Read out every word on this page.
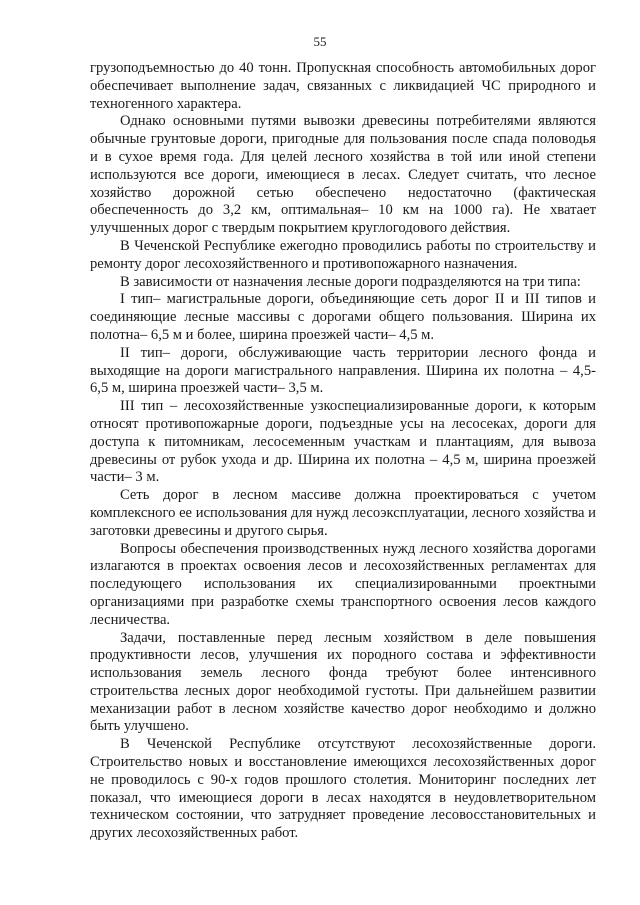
55

грузоподъемностью до 40 тонн. Пропускная способность автомобильных дорог обеспечивает выполнение задач, связанных с ликвидацией ЧС природного и техногенного характера.

Однако основными путями вывозки древесины потребителями являются обычные грунтовые дороги, пригодные для пользования после спада половодья и в сухое время года. Для целей лесного хозяйства в той или иной степени используются все дороги, имеющиеся в лесах. Следует считать, что лесное хозяйство дорожной сетью обеспечено недостаточно (фактическая обеспеченность до 3,2 км, оптимальная– 10 км на 1000 га). Не хватает улучшенных дорог с твердым покрытием круглогодового действия.

В Чеченской Республике ежегодно проводились работы по строительству и ремонту дорог лесохозяйственного и противопожарного назначения.

В зависимости от назначения лесные дороги подразделяются на три типа:

I тип– магистральные дороги, объединяющие сеть дорог II и III типов и соединяющие лесные массивы с дорогами общего пользования. Ширина их полотна– 6,5 м и более, ширина проезжей части– 4,5 м.

II тип– дороги, обслуживающие часть территории лесного фонда и выходящие на дороги магистрального направления. Ширина их полотна – 4,5-6,5 м, ширина проезжей части– 3,5 м.

III тип – лесохозяйственные узкоспециализированные дороги, к которым относят противопожарные дороги, подъездные усы на лесосеках, дороги для доступа к питомникам, лесосеменным участкам и плантациям, для вывоза древесины от рубок ухода и др. Ширина их полотна – 4,5 м, ширина проезжей части– 3 м.

Сеть дорог в лесном массиве должна проектироваться с учетом комплексного ее использования для нужд лесоэксплуатации, лесного хозяйства и заготовки древесины и другого сырья.

Вопросы обеспечения производственных нужд лесного хозяйства дорогами излагаются в проектах освоения лесов и лесохозяйственных регламентах для последующего использования их специализированными проектными организациями при разработке схемы транспортного освоения лесов каждого лесничества.

Задачи, поставленные перед лесным хозяйством в деле повышения продуктивности лесов, улучшения их породного состава и эффективности использования земель лесного фонда требуют более интенсивного строительства лесных дорог необходимой густоты. При дальнейшем развитии механизации работ в лесном хозяйстве качество дорог необходимо и должно быть улучшено.

В Чеченской Республике отсутствуют лесохозяйственные дороги. Строительство новых и восстановление имеющихся лесохозяйственных дорог не проводилось с 90-х годов прошлого столетия. Мониторинг последних лет показал, что имеющиеся дороги в лесах находятся в неудовлетворительном техническом состоянии, что затрудняет проведение лесовосстановительных и других лесохозяйственных работ.
